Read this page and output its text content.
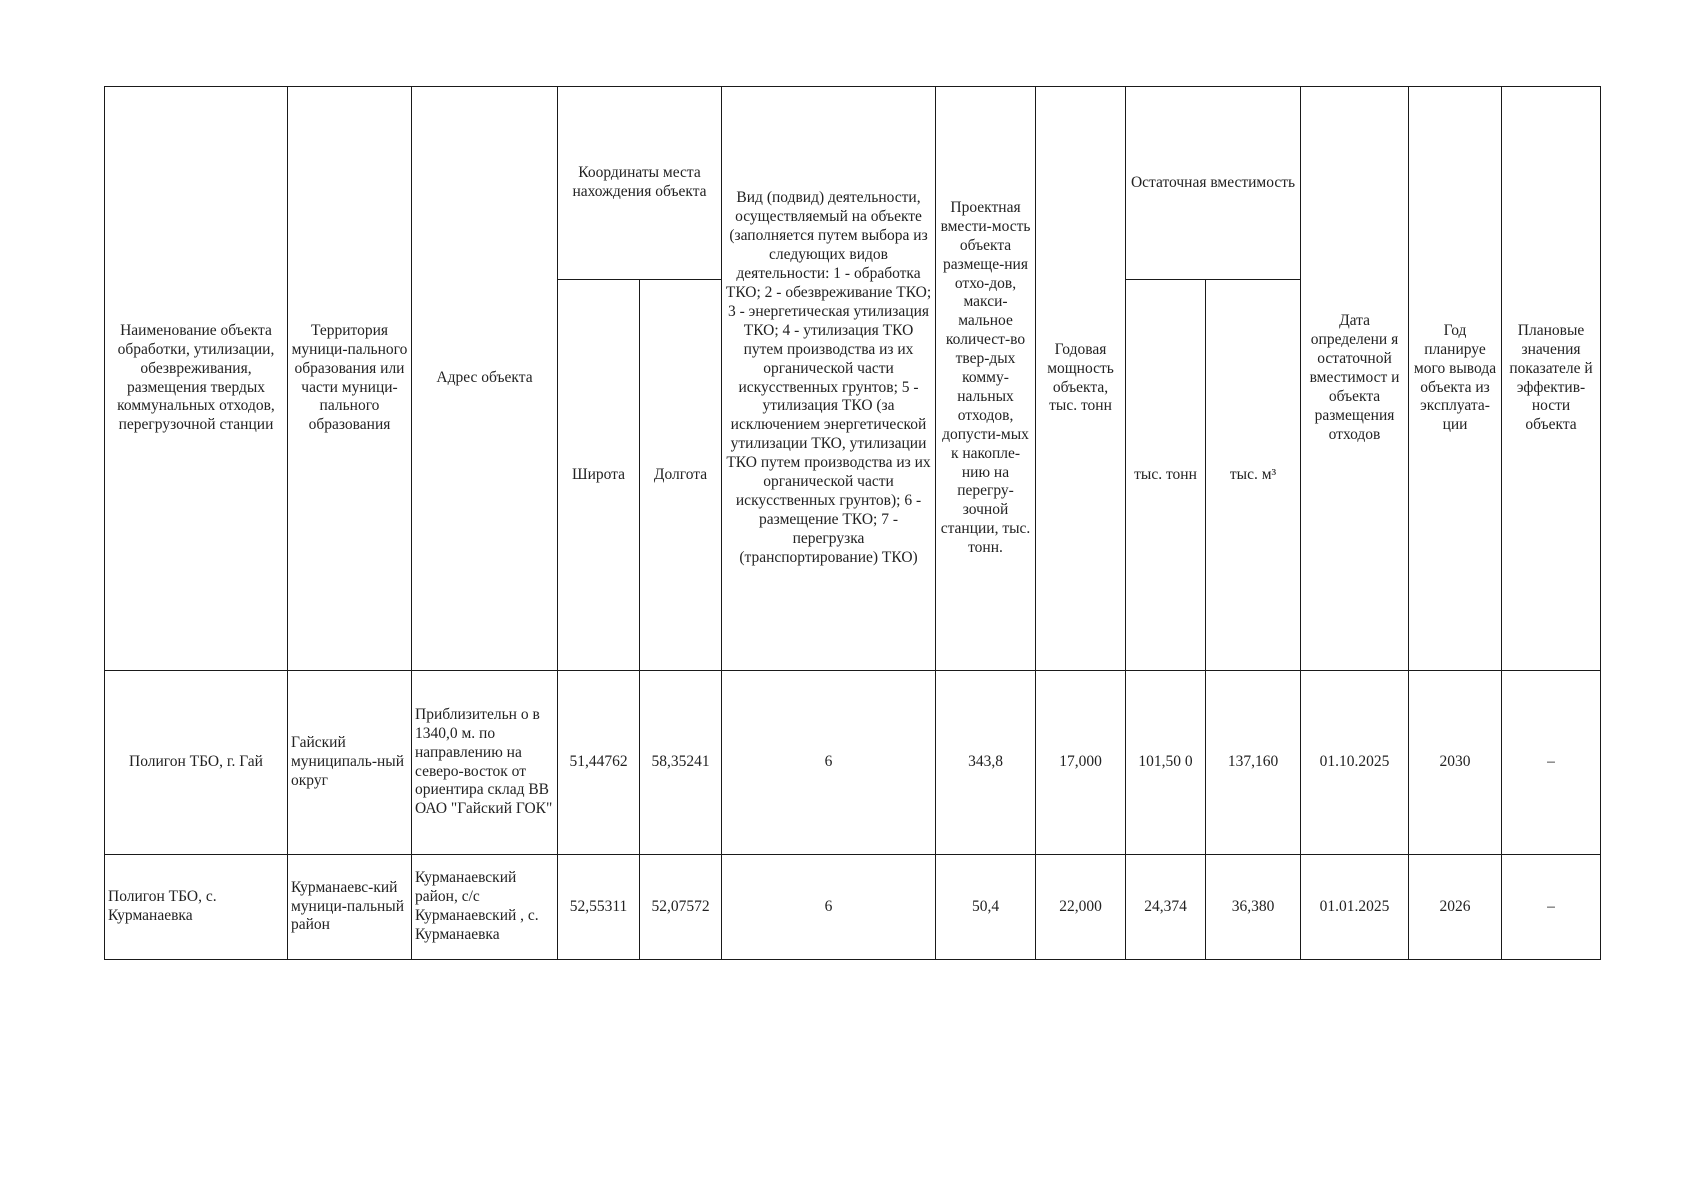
Наименование объекта обработки, утилизации, обезвреживания, размещения твердых коммунальных отходов, перегрузочной станции	Территория муници-пального образования или части муници-пального образования	Адрес объекта	Координаты места нахождения объекта		Вид (подвид) деятельности, осуществляемый на объекте (заполняется путем выбора из следующих видов деятельности: 1 - обработка ТКО; 2 - обезвреживание ТКО; 3 - энергетическая утилизация ТКО; 4 - утилизация ТКО путем производства из их органической части искусственных грунтов; 5 - утилизация ТКО (за исключением энергетической утилизации ТКО, утилизации ТКО путем производства из их органической части искусственных грунтов); 6 - размещение ТКО; 7 - перегрузка (транспортирование) ТКО)	Проектная вмести-мость объекта размеще-ния отхо-дов, макси-мальное количест-во твер-дых комму-нальных отходов, допусти-мых к накопле-нию на перегру-зочной станции, тыс. тонн.	Годовая мощность объекта, тыс. тонн	Остаточная вместимость		Дата определени я остаточной вместимост и объекта размещения отходов	Год планируе мого вывода объекта из эксплуата-ции	Плановые значения показателе й эффектив-ности объекта
			Широта	Долгота				тыс. тонн	тыс. м³			
Полигон ТБО, г. Гай	Гайский муниципаль-ный округ	Приблизительн о в 1340,0 м. по направлению на северо-восток от ориентира склад ВВ ОАО "Гайский ГОК"	51,44762	58,35241	6	343,8	17,000	101,50 0	137,160	01.10.2025	2030	–
Полигон ТБО, с. Курманаевка	Курманаевс-кий муници-пальный район	Курманаевский район, с/с Курманаевский , с. Курманаевка	52,55311	52,07572	6	50,4	22,000	24,374	36,380	01.01.2025	2026	–
